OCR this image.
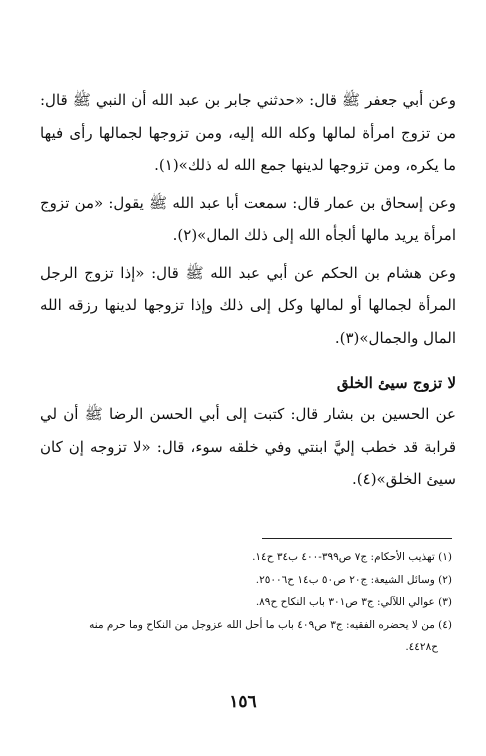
وعن أبي جعفر ﷺ قال: «حدثني جابر بن عبد الله أن النبي ﷺ قال: من تزوج امرأة لمالها وكله الله إليه، ومن تزوجها لجمالها رأى فيها ما يكره، ومن تزوجها لدينها جمع الله له ذلك»(١).

وعن إسحاق بن عمار قال: سمعت أبا عبد الله ﷺ يقول: «من تزوج امرأة يريد مالها ألجأه الله إلى ذلك المال»(٢).

وعن هشام بن الحكم عن أبي عبد الله ﷺ قال: «إذا تزوج الرجل المرأة لجمالها أو لمالها وكل إلى ذلك وإذا تزوجها لدينها رزقه الله المال والجمال»(٣).

لا تزوج سيئ الخلق

عن الحسين بن بشار قال: كتبت إلى أبي الحسن الرضا ﷺ أن لي قرابة قد خطب إليَّ ابنتي وفي خلقه سوء، قال: «لا تزوجه إن كان سيئ الخلق»(٤).

(١) تهذيب الأحكام: ج٧ ص٣٩٩-٤٠٠ ب٣٤ ح١٤.

(٢) وسائل الشيعة: ج٢٠ ص٥٠ ب١٤ ح٢٥٠٠٦.

(٣) عوالي اللآلي: ج٣ ص٣٠١ باب النكاح ح٨٩.

(٤) من لا يحضره الفقيه: ج٣ ص٤٠٩ باب ما أحل الله عزوجل من النكاح وما حرم منه

ح٤٤٢٨.

١٥٦
